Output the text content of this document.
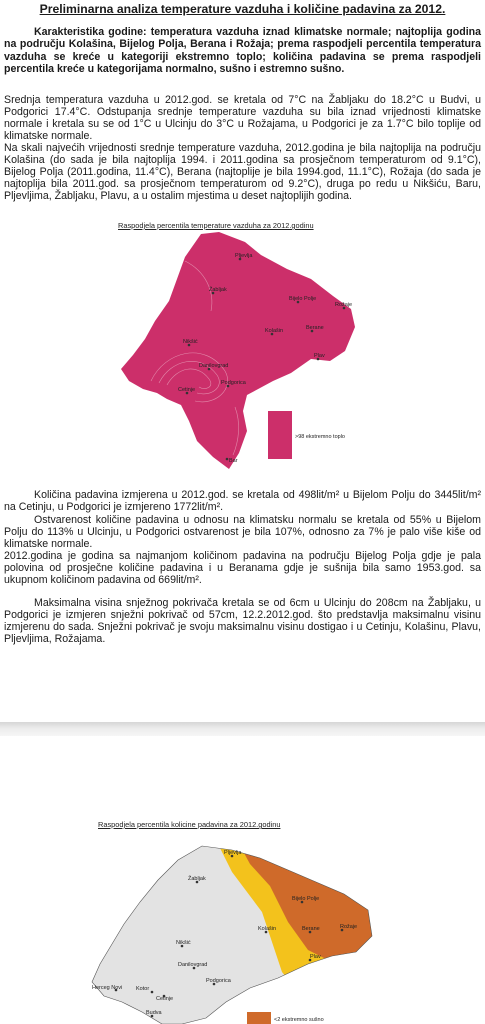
Preliminarna analiza temperature vazduha i količine padavina za 2012.
Karakteristika godine: temperatura vazduha iznad klimatske normale; najtoplija godina na području Kolašina, Bijelog Polja, Berana i Rožaja; prema raspodjeli percentila temperatura vazduha se kreće u kategoriji ekstremno toplo; količina padavina se prema raspodjeli percentila kreće u kategorijama normalno, sušno i estremno sušno.

Srednja temperatura vazduha u 2012.god. se kretala od 7°C na Žabljaku do 18.2°C u Budvi, u Podgorici 17.4°C. Odstupanja srednje temperature vazduha su bila iznad vrijednosti klimatske normale i kretala su se od 1°C u Ulcinju do 3°C u Rožajama, u Podgorici je za 1.7°C bilo toplije od klimatske normale.

Na skali najvećih vrijednosti srednje temperature vazduha, 2012.godina je bila najtoplija na području Kolašina (do sada je bila najtoplija 1994. i 2011.godina sa prosječnom temperaturom od 9.1°C), Bijelog Polja (2011.godina, 11.4°C), Berana (najtoplije je bila 1994.god, 11.1°C), Rožaja (do sada je najtoplija bila 2011.god. sa prosječnom temperaturom od 9.2°C), druga po redu u Nikšiću, Baru, Pljevljima, Žabljaku, Plavu, a u ostalim mjestima u deset najtoplijih godina.

Raspodjela percentila temperature vazduha za 2012.godinu
Pljevlja
Žabljak
Bijelo Polje
Rožaje
Kolašin	Berane
Nikšić
Plav
Danilovgrad
Podgorica
Cetinje
Bar
>98 ekstremno toplo

Količina padavina izmjerena u 2012.god. se kretala od 498lit/m² u Bijelom Polju do 3445lit/m² na Cetinju, u Podgorici je izmjereno 1772lit/m².

Ostvarenost količine padavina u odnosu na klimatsku normalu se kretala od 55% u Bijelom Polju do 113% u Ulcinju, u Podgorici ostvarenost je bila 107%, odnosno za 7% je palo više kiše od klimatske normale.

2012.godina je godina sa najmanjom količinom padavina na području Bijelog Polja gdje je pala polovina od prosječne količine padavina i u Beranama gdje je sušnija bila samo 1953.god. sa ukupnom količinom padavina od 669lit/m².

Maksimalna visina snježnog pokrivača kretala se od 6cm u Ulcinju do 208cm na Žabljaku, u Podgorici je izmjeren snježni pokrivač od 57cm, 12.2.2012.god. što predstavlja maksimalnu visinu izmjerenu do sada. Snježni pokrivač je svoju maksimalnu visinu dostigao i u Cetinju, Kolašinu, Plavu, Pljevljima, Rožajama.

Raspodjela percentila kolicine padavina za 2012.godinu
Pljevlja
Žabljak
Bijelo Polje
Rožaje
Kolašin	Berane
Nikšić
Plav
Danilovgrad
Podgorica
Herceg Novi Kotor
Cetinje
Budva
<2 ekstremno sušno
